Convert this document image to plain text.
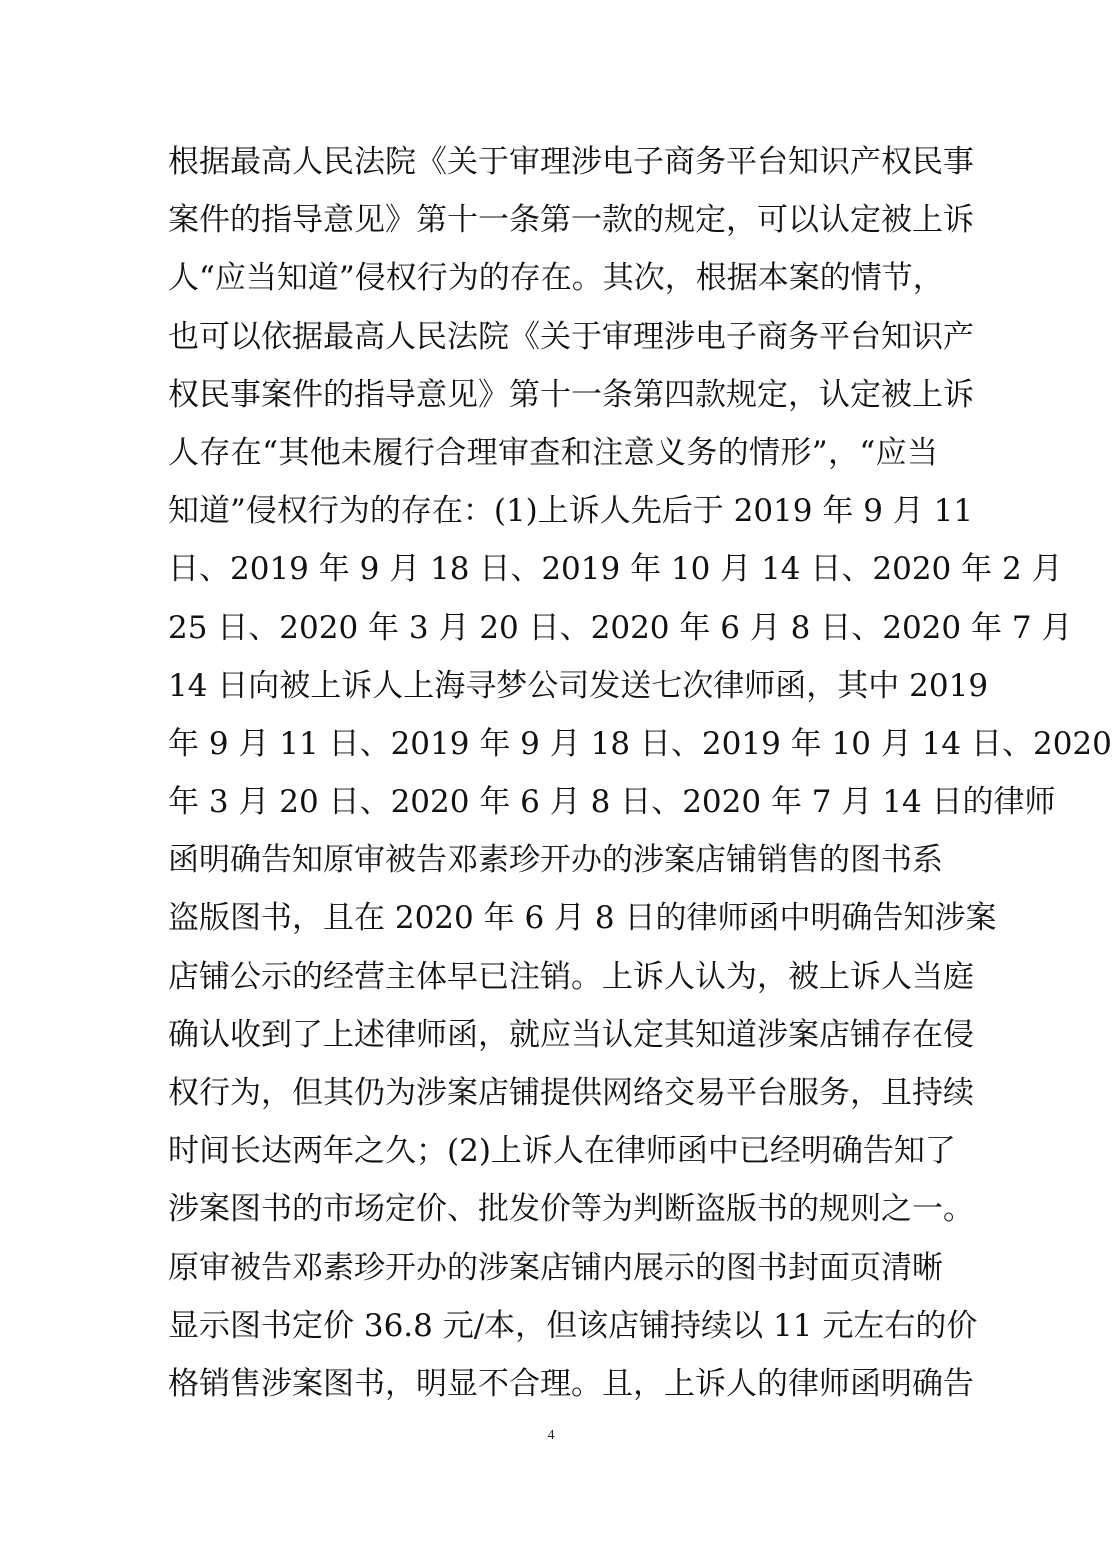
根据最高人民法院《关于审理涉电子商务平台知识产权民事
案件的指导意见》第十一条第一款的规定，可以认定被上诉
人“应当知道”侵权行为的存在。其次，根据本案的情节，
也可以依据最高人民法院《关于审理涉电子商务平台知识产
权民事案件的指导意见》第十一条第四款规定，认定被上诉
人存在“其他未履行合理审查和注意义务的情形”，“应当
知道”侵权行为的存在：(1)上诉人先后于 2019 年 9 月 11
日、2019 年 9 月 18 日、2019 年 10 月 14 日、2020 年 2 月
25 日、2020 年 3 月 20 日、2020 年 6 月 8 日、2020 年 7 月
14 日向被上诉人上海寻梦公司发送七次律师函，其中 2019
年 9 月 11 日、2019 年 9 月 18 日、2019 年 10 月 14 日、2020
年 3 月 20 日、2020 年 6 月 8 日、2020 年 7 月 14 日的律师
函明确告知原审被告邓素珍开办的涉案店铺销售的图书系
盗版图书，且在 2020 年 6 月 8 日的律师函中明确告知涉案
店铺公示的经营主体早已注销。上诉人认为，被上诉人当庭
确认收到了上述律师函，就应当认定其知道涉案店铺存在侵
权行为，但其仍为涉案店铺提供网络交易平台服务，且持续
时间长达两年之久；(2)上诉人在律师函中已经明确告知了
涉案图书的市场定价、批发价等为判断盗版书的规则之一。
原审被告邓素珍开办的涉案店铺内展示的图书封面页清晰
显示图书定价 36.8 元/本，但该店铺持续以 11 元左右的价
格销售涉案图书，明显不合理。且，上诉人的律师函明确告
4
